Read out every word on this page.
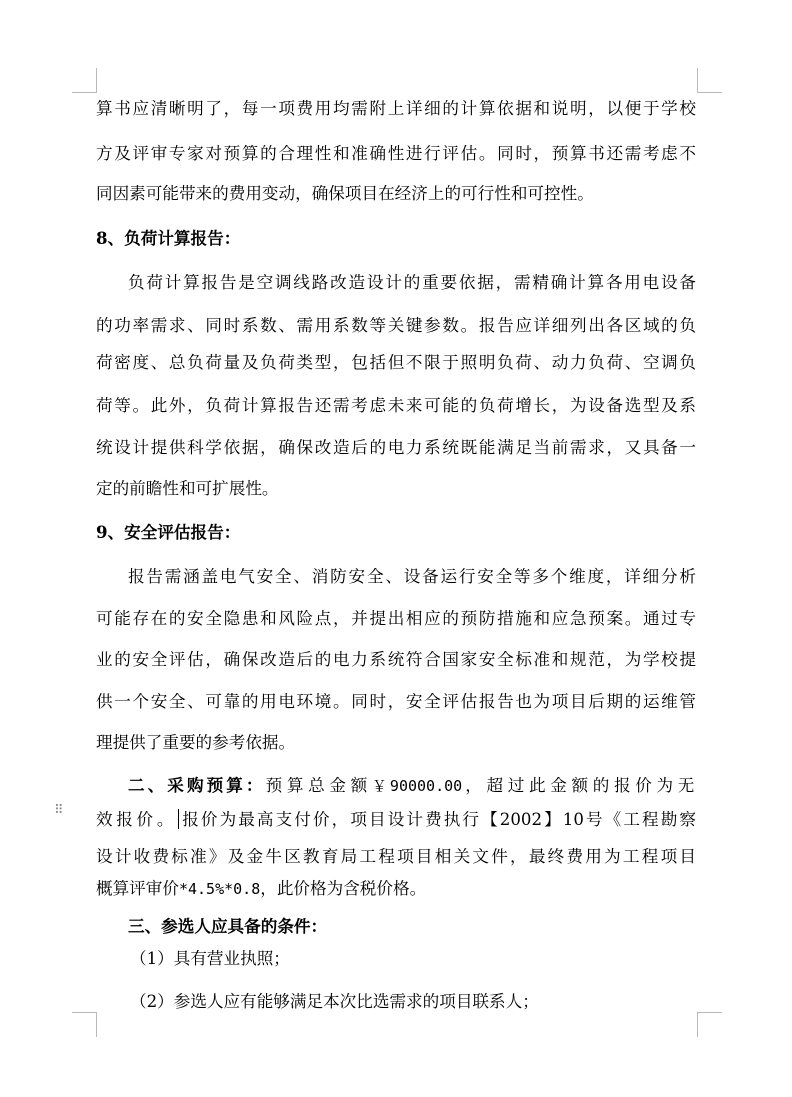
算书应清晰明了，每一项费用均需附上详细的计算依据和说明，以便于学校
方及评审专家对预算的合理性和准确性进行评估。同时，预算书还需考虑不
同因素可能带来的费用变动，确保项目在经济上的可行性和可控性。
8、负荷计算报告：
负荷计算报告是空调线路改造设计的重要依据，需精确计算各用电设备
的功率需求、同时系数、需用系数等关键参数。报告应详细列出各区域的负
荷密度、总负荷量及负荷类型，包括但不限于照明负荷、动力负荷、空调负
荷等。此外，负荷计算报告还需考虑未来可能的负荷增长，为设备选型及系
统设计提供科学依据，确保改造后的电力系统既能满足当前需求，又具备一
定的前瞻性和可扩展性。
9、安全评估报告：
报告需涵盖电气安全、消防安全、设备运行安全等多个维度，详细分析
可能存在的安全隐患和风险点，并提出相应的预防措施和应急预案。通过专
业的安全评估，确保改造后的电力系统符合国家安全标准和规范，为学校提
供一个安全、可靠的用电环境。同时，安全评估报告也为项目后期的运维管
理提供了重要的参考依据。
二、采购预算：预算总金额￥90000.00，超过此金额的报价为无
⠿ 效报价。 报价为最高支付价，项目设计费执行【2002】10号《工程勘察
设计收费标准》及金牛区教育局工程项目相关文件，最终费用为工程项目
概算评审价*4.5%*0.8，此价格为含税价格。
三、参选人应具备的条件：
（1）具有营业执照；
（2）参选人应有能够满足本次比选需求的项目联系人；
